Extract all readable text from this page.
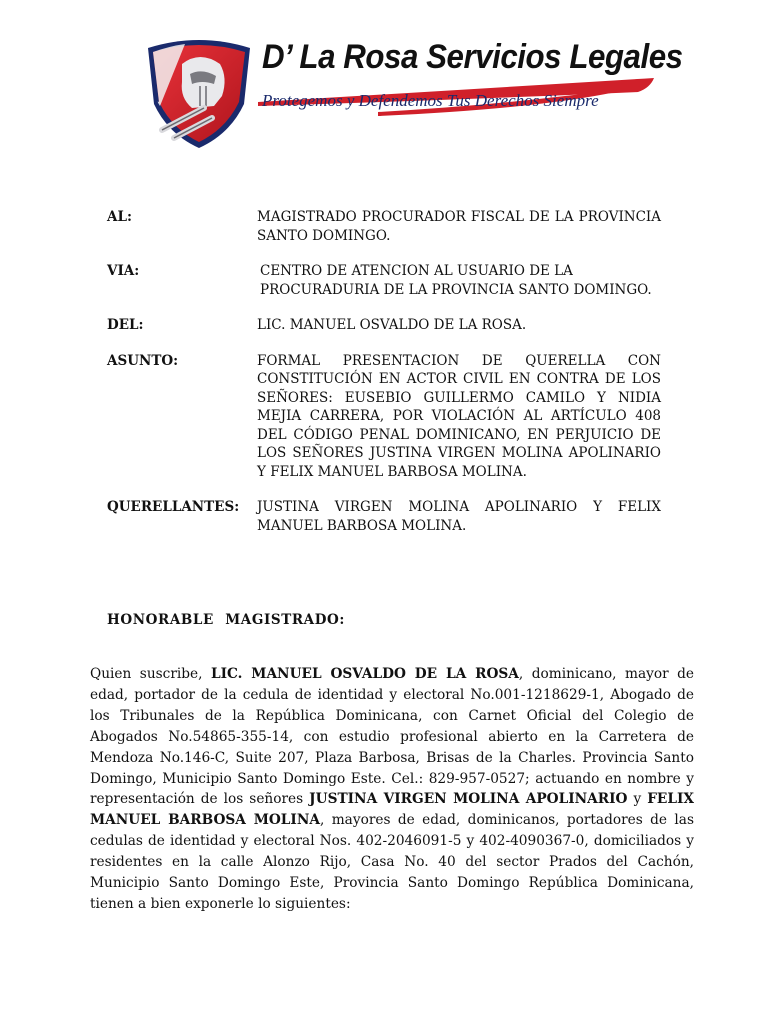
D’ La Rosa Servicios Legales
Protegemos y Defendemos Tus Derechos Siempre
AL:	MAGISTRADO PROCURADOR FISCAL DE LA PROVINCIA SANTO DOMINGO.
VIA:	CENTRO DE ATENCION AL USUARIO DE LA PROCURADURIA DE LA PROVINCIA SANTO DOMINGO.
DEL:	LIC. MANUEL OSVALDO DE LA ROSA.
ASUNTO:	FORMAL PRESENTACION DE QUERELLA CON CONSTITUCIÓN EN ACTOR CIVIL EN CONTRA DE LOS SEÑORES: EUSEBIO GUILLERMO CAMILO Y NIDIA MEJIA CARRERA, POR VIOLACIÓN AL ARTÍCULO 408 DEL CÓDIGO PENAL DOMINICANO, EN PERJUICIO DE LOS SEÑORES JUSTINA VIRGEN MOLINA APOLINARIO Y FELIX MANUEL BARBOSA MOLINA.
QUERELLANTES:	JUSTINA VIRGEN MOLINA APOLINARIO Y FELIX MANUEL BARBOSA MOLINA.
HONORABLE MAGISTRADO:
Quien suscribe, LIC. MANUEL OSVALDO DE LA ROSA, dominicano, mayor de edad, portador de la cedula de identidad y electoral No.001-1218629-1, Abogado de los Tribunales de la República Dominicana, con Carnet Oficial del Colegio de Abogados No.54865-355-14, con estudio profesional abierto en la Carretera de Mendoza No.146-C, Suite 207, Plaza Barbosa, Brisas de la Charles. Provincia Santo Domingo, Municipio Santo Domingo Este. Cel.: 829-957-0527; actuando en nombre y representación de los señores JUSTINA VIRGEN MOLINA APOLINARIO y FELIX MANUEL BARBOSA MOLINA, mayores de edad, dominicanos, portadores de las cedulas de identidad y electoral Nos. 402-2046091-5 y 402-4090367-0, domiciliados y residentes en la calle Alonzo Rijo, Casa No. 40 del sector Prados del Cachón, Municipio Santo Domingo Este, Provincia Santo Domingo República Dominicana, tienen a bien exponerle lo siguientes:
